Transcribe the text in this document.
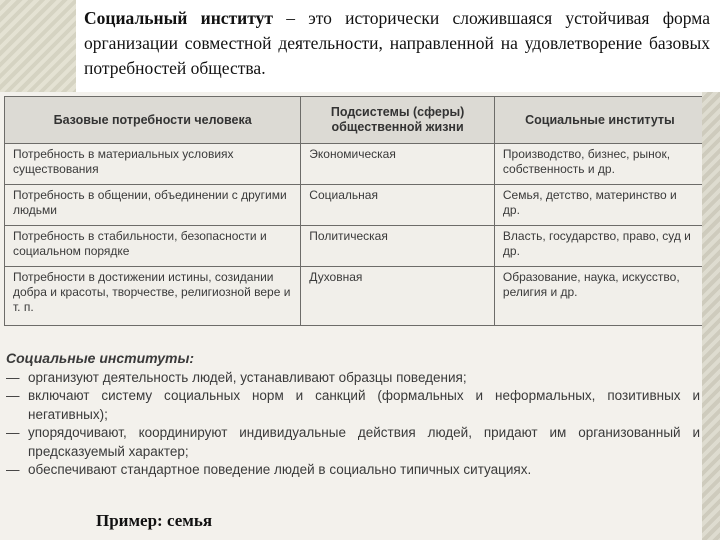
Социальный институт – это исторически сложившаяся устойчивая форма организации совместной деятельности, направленной на удовлетворение базовых потребностей общества.
Базовые потребности человека	Подсистемы (сферы) общественной жизни	Социальные институты
Потребность в материальных условиях существования	Экономическая	Производство, бизнес, рынок, собственность и др.
Потребность в общении, объединении с другими людьми	Социальная	Семья, детство, материнство и др.
Потребность в стабильности, безопасности и социальном порядке	Политическая	Власть, государство, право, суд и др.
Потребности в достижении истины, созидании добра и красоты, творчестве, религиозной вере и т. п.	Духовная	Образование, наука, искусство, религия и др.
Социальные институты:
— организуют деятельность людей, устанавливают образцы поведения;
— включают систему социальных норм и санкций (формальных и неформальных, позитивных и негативных);
— упорядочивают, координируют индивидуальные действия людей, придают им организованный и предсказуемый характер;
— обеспечивают стандартное поведение людей в социально типичных ситуациях.
Пример: семья
